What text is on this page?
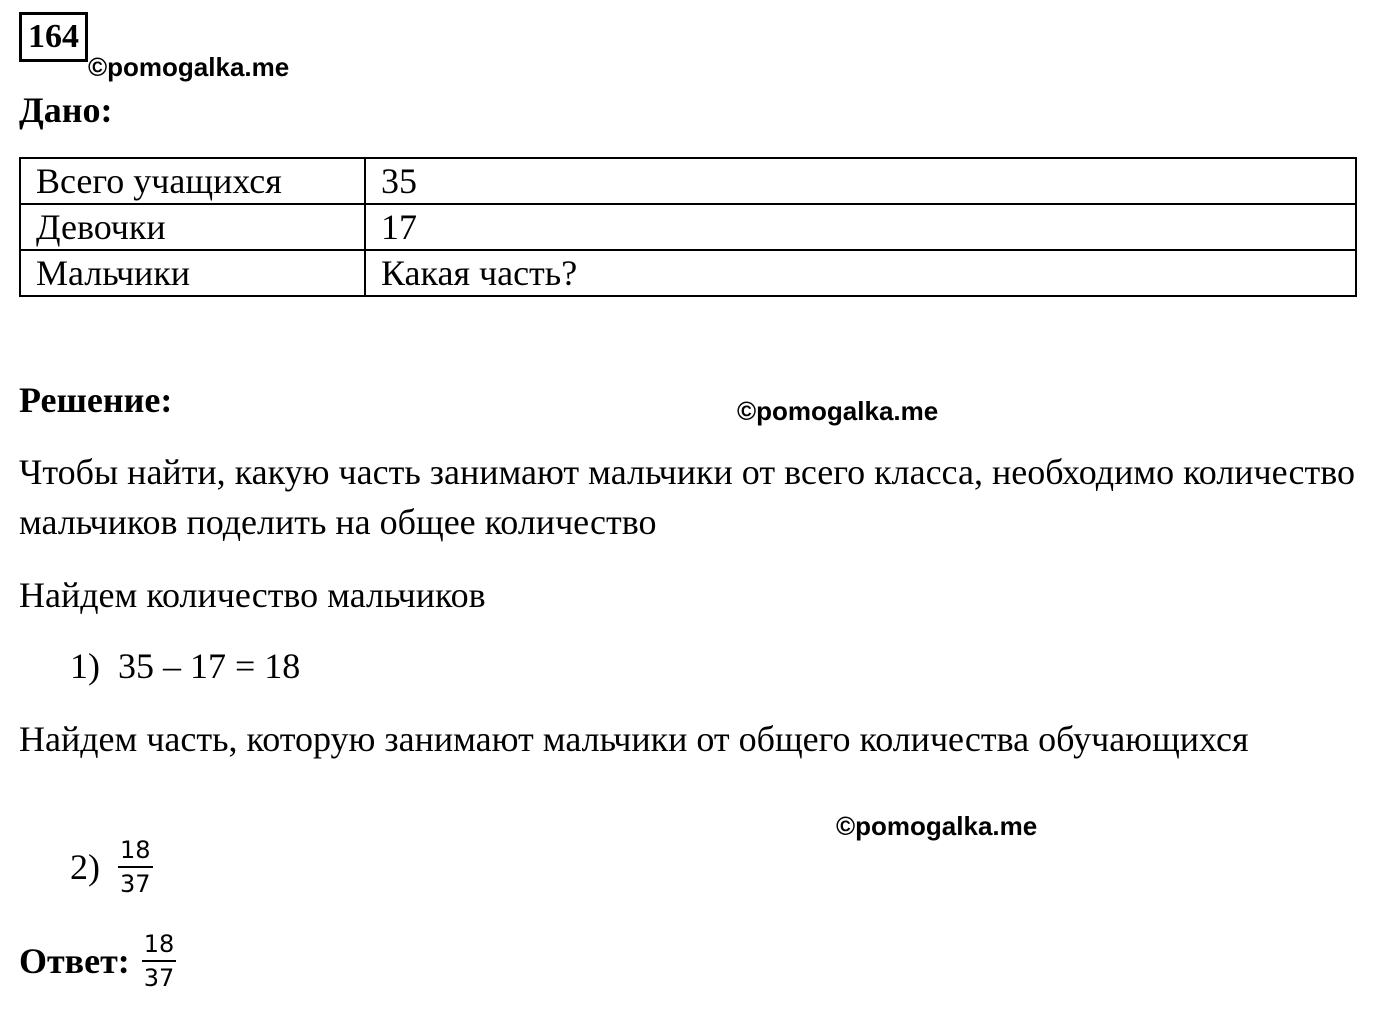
164
©pomogalka.me
Дано:
Всего учащихся	35
Девочки	17
Мальчики	Какая часть?
Решение:	©pomogalka.me
Чтобы найти, какую часть занимают мальчики от всего класса, необходимо количество мальчиков поделить на общее количество
Найдем количество мальчиков
1) 35 – 17 = 18
Найдем часть, которую занимают мальчики от общего количества обучающихся
©pomogalka.me
$2) \frac{18}{37}$
Ответ: $\frac{18}{37}$
